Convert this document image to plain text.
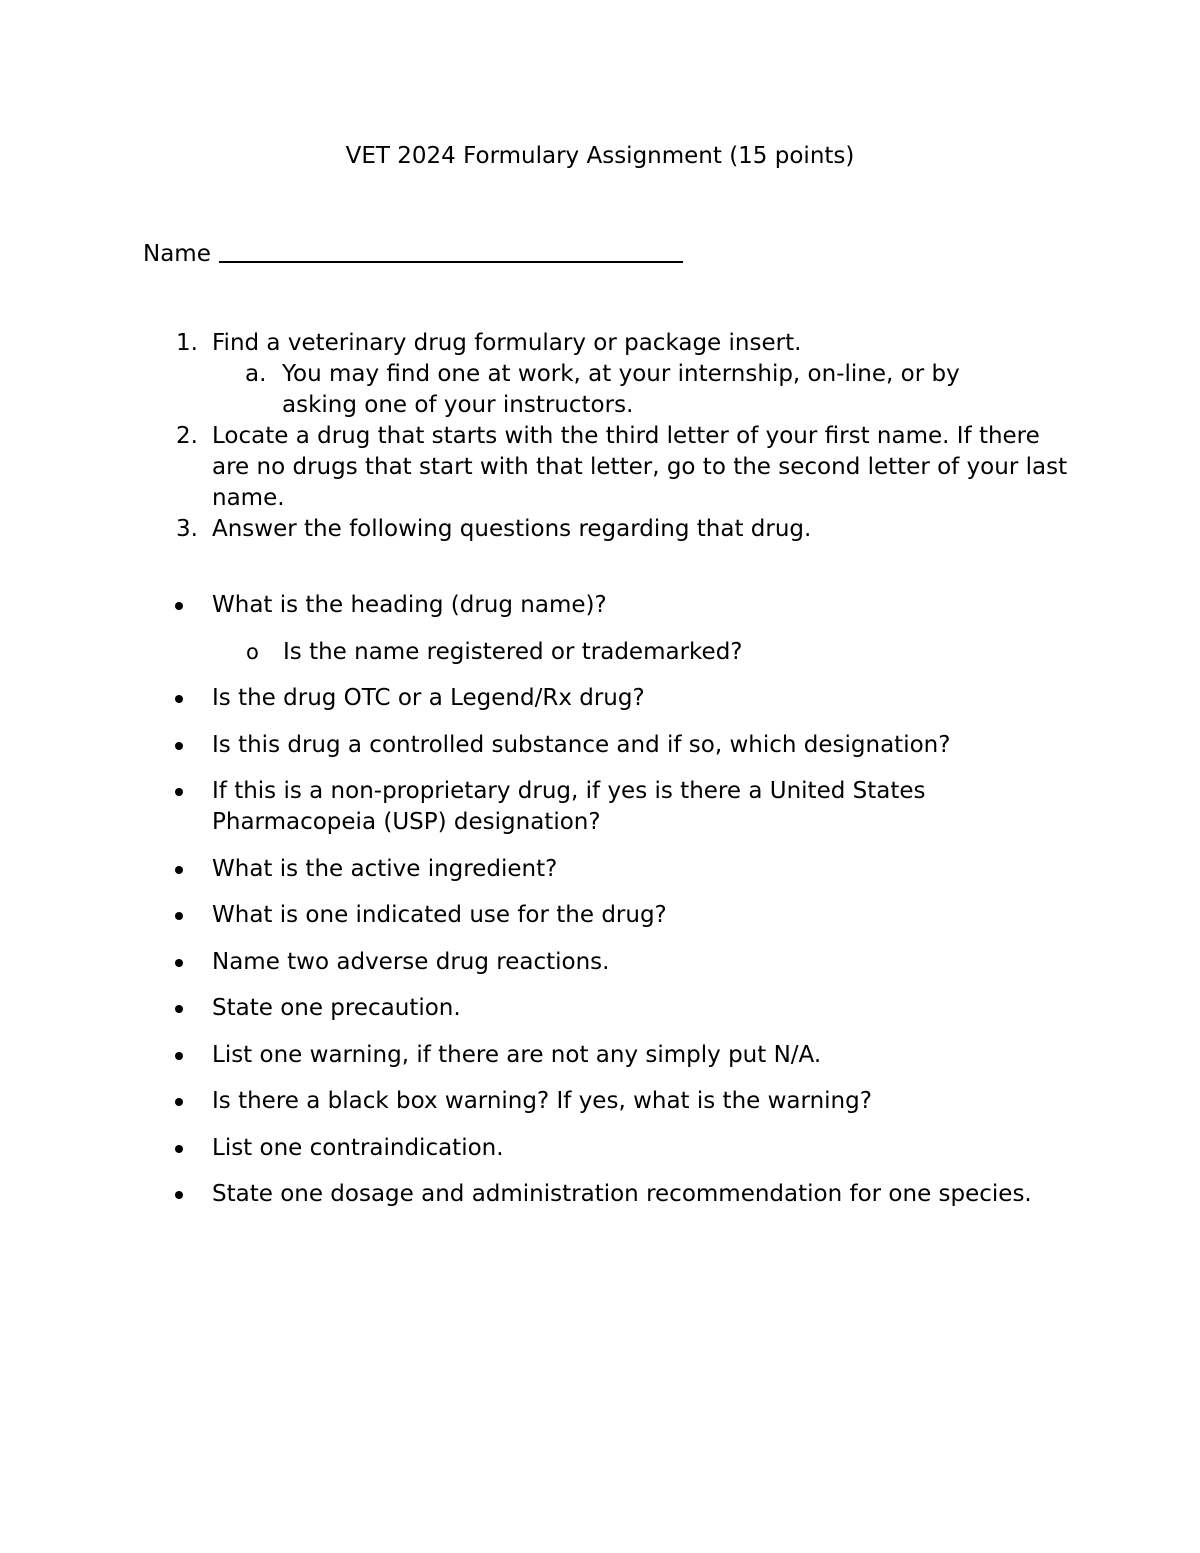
VET 2024 Formulary Assignment (15 points)
Name
1. Find a veterinary drug formulary or package insert.
a. You may find one at work, at your internship, on-line, or by asking one of your instructors.
2. Locate a drug that starts with the third letter of your first name. If there are no drugs that start with that letter, go to the second letter of your last name.
3. Answer the following questions regarding that drug.
What is the heading (drug name)?
o Is the name registered or trademarked?
Is the drug OTC or a Legend/Rx drug?
Is this drug a controlled substance and if so, which designation?
If this is a non-proprietary drug, if yes is there a United States Pharmacopeia (USP) designation?
What is the active ingredient?
What is one indicated use for the drug?
Name two adverse drug reactions.
State one precaution.
List one warning, if there are not any simply put N/A.
Is there a black box warning? If yes, what is the warning?
List one contraindication.
State one dosage and administration recommendation for one species.
